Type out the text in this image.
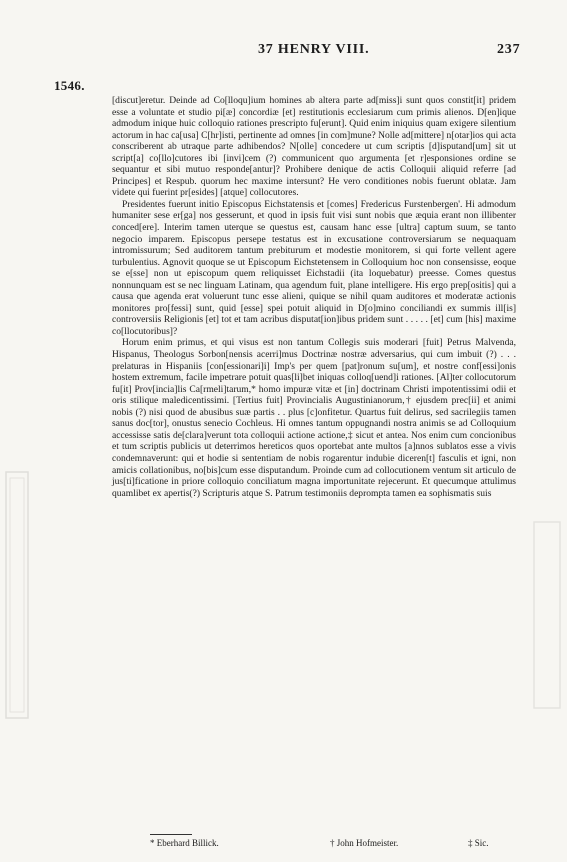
37 HENRY VIII.	237
1546.

[discut]eretur. Deinde ad Co[lloqu]ium homines ab altera parte ad[miss]i sunt quos constit[it] pridem esse a voluntate et studio pi[æ] concordiæ [et] restitutionis ecclesiarum cum primis alienos. D[en]ique admodum inique huic colloquio rationes prescripto fu[erunt]. Quid enim iniquius quam exigere silentium actorum in hac ca[usa] C[hr]isti, pertinente ad omnes [in com]mune? Nolle ad[mittere] n[otar]ios qui acta conscriberent ab utraque parte adhibendos? N[olle] concedere ut cum scriptis [d]isputand[um] sit ut script[a] co[llo]cutores ibi [invi]cem (?) communicent quo argumenta [et r]esponsiones ordine se sequantur et sibi mutuo responde[antur]? Prohibere denique de actis Colloquii aliquid referre [ad Principes] et Respub. quorum hec maxime intersunt? He vero conditiones nobis fuerunt oblatæ. Jam videte qui fuerint pr[esides] [atque] collocutores.

Presidentes fuerunt initio Episcopus Eichstatensis et [comes] Fredericus Furstenbergen'. Hi admodum humaniter sese er[ga] nos gesserunt, et quod in ipsis fuit visi sunt nobis que æquia erant non illibenter conced[ere]. Interim tamen uterque se questus est, causam hanc esse [ultra] captum suum, se tanto negocio imparem. Episcopus persepe testatus est in excusatione controversiarum se nequaquam intromissurum; Sed auditorem tantum prebiturum et modestie monitorem, si qui forte vellent agere turbulentius. Agnovit quoque se ut Episcopum Eichstetensem in Colloquium hoc non consensisse, eoque se e[sse] non ut episcopum quem reliquisset Eichstadii (ita loquebatur) preesse. Comes questus nonnunquam est se nec linguam Latinam, qua agendum fuit, plane intelligere. His ergo prep[ositis] qui a causa que agenda erat voluerunt tunc esse alieni, quique se nihil quam auditores et moderatæ actionis monitores pro[fessi] sunt, quid [esse] spei potuit aliquid in D[o]mino conciliandi ex summis ill[is] controversiis Religionis [et] tot et tam acribus disputat[ion]ibus pridem sunt . . . . . [et] cum [his] maxime co[llocutoribus]?

Horum enim primus, et qui visus est non tantum Collegis suis moderari [fuit] Petrus Malvenda, Hispanus, Theologus Sorbon[nensis acerri]mus Doctrinæ nostræ adversarius, qui cum imbuit (?) . . . prelaturas in Hispaniis [con[essionari]i] Imp's per quem [pat]ronum su[um], et nostre conf[essi]onis hostem extremum, facile impetrare potuit quas[li]bet iniquas colloq[uend]i rationes. [Al]ter collocutorum fu[it] Prov[incia]lis Ca[rmeli]tarum,* homo impuræ vitæ et [in] doctrinam Christi impotentissimi odii et oris stilique maledicentissimi. [Tertius fuit] Provincialis Augustinianorum,† ejusdem prec[ii] et animi nobis (?) nisi quod de abusibus suæ partis . . plus [c]onfitetur. Quartus fuit delirus, sed sacrilegiis tamen sanus doc[tor], onustus senecio Cochleus. Hi omnes tantum oppugnandi nostra animis se ad Colloquium accessisse satis de[clara]verunt tota colloquii actione actione,‡ sicut et antea. Nos enim cum concionibus et tum scriptis publicis ut deterrimos hereticos quos oportebat ante multos [a]nnos sublatos esse a vivis condemnaverunt: qui et hodie si sententiam de nobis rogarentur indubie diceren[t] fasculis et igni, non amicis collationibus, no[bis]cum esse disputandum. Proinde cum ad collocutionem ventum sit articulo de jus[ti]ficatione in priore colloquio conciliatum magna importunitate rejecerunt. Et quecumque attulimus quamlibet ex apertis(?) Scripturis atque S. Patrum testimoniis deprompta tamen ea sophismatis suis

* Eberhard Billick.	† John Hofmeister.	‡ Sic.
